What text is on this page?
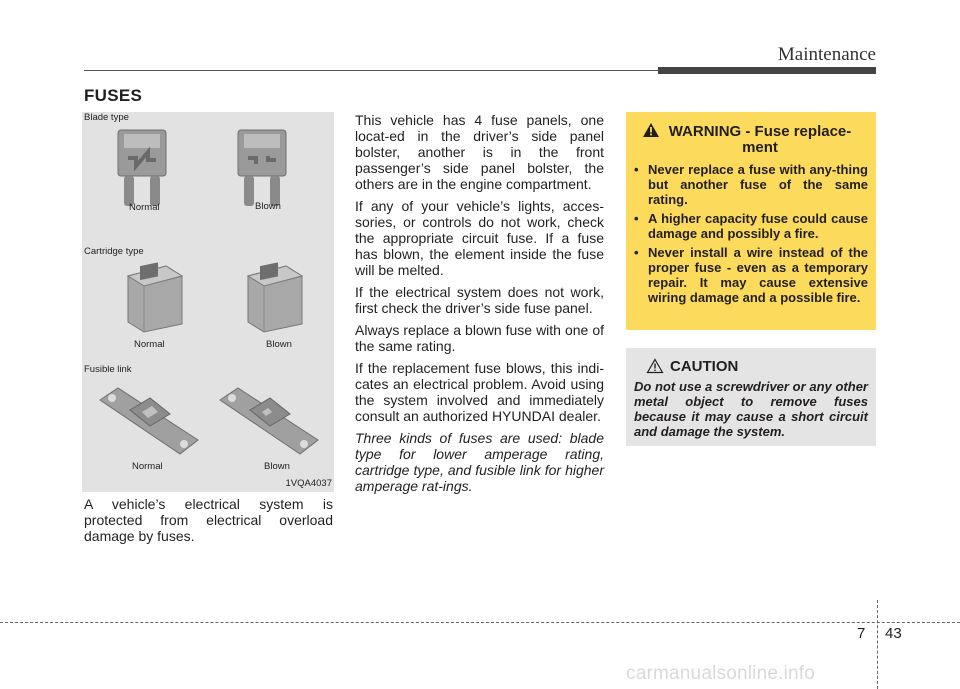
Maintenance
FUSES
Blade type
Normal	Blown
Cartridge type
Normal	Blown
Fusible link
Normal	Blown
1VQA4037
A vehicle’s electrical system is protected from electrical overload damage by fuses.

This vehicle has 4 fuse panels, one locat-ed in the driver’s side panel bolster, another is in the front passenger’s side panel bolster, the others are in the engine compartment.

If any of your vehicle’s lights, acces-sories, or controls do not work, check the appropriate circuit fuse. If a fuse has blown, the element inside the fuse will be melted.

If the electrical system does not work, first check the driver’s side fuse panel.

Always replace a blown fuse with one of the same rating.

If the replacement fuse blows, this indi-cates an electrical problem. Avoid using the system involved and immediately consult an authorized HYUNDAI dealer.

Three kinds of fuses are used: blade type for lower amperage rating, cartridge type, and fusible link for higher amperage rat-ings.

WARNING - Fuse replace-ment
• Never replace a fuse with any-thing but another fuse of the same rating.
• A higher capacity fuse could cause damage and possibly a fire.
• Never install a wire instead of the proper fuse - even as a temporary repair. It may cause extensive wiring damage and a possible fire.
CAUTION
Do not use a screwdriver or any other metal object to remove fuses because it may cause a short circuit and damage the system.
7 43
carmanualsonline.info
